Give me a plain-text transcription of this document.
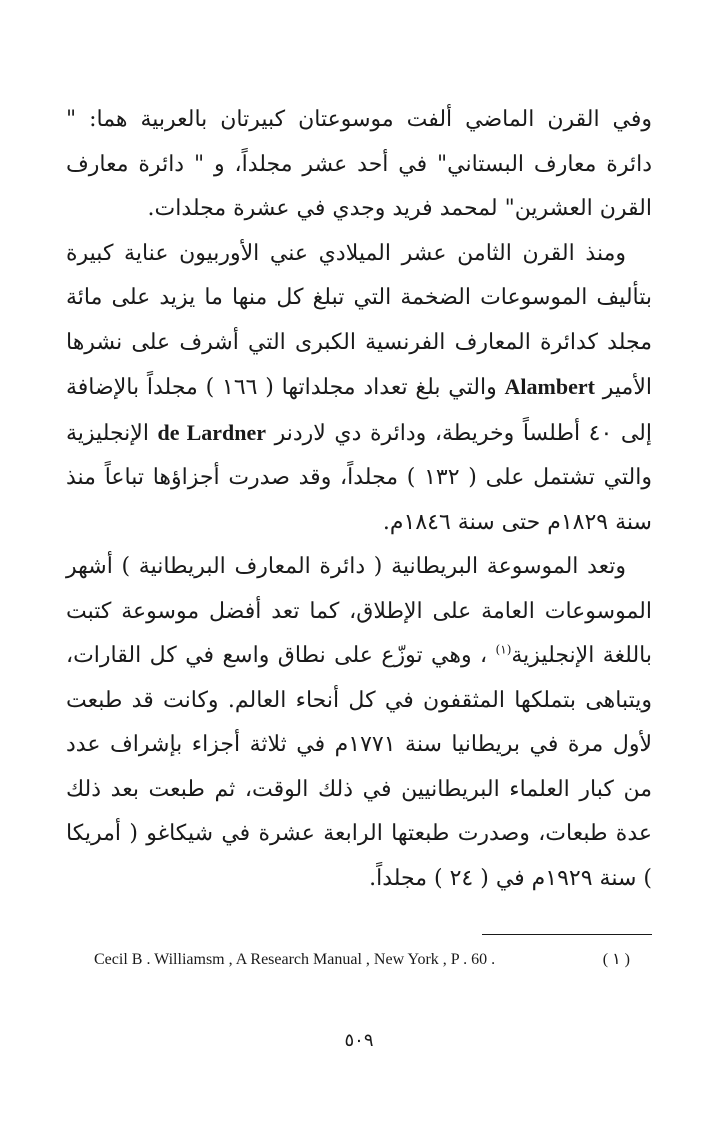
وفي القرن الماضي ألفت موسوعتان كبيرتان بالعربية هما: " دائرة معارف البستاني" في أحد عشر مجلداً، و " دائرة معارف القرن العشرين" لمحمد فريد وجدي في عشرة مجلدات.

ومنذ القرن الثامن عشر الميلادي عني الأوربيون عناية كبيرة بتأليف الموسوعات الضخمة التي تبلغ كل منها ما يزيد على مائة مجلد كدائرة المعارف الفرنسية الكبرى التي أشرف على نشرها الأمير Alambert والتي بلغ تعداد مجلداتها ( ١٦٦ ) مجلداً بالإضافة إلى ٤٠ أطلساً وخريطة، ودائرة دي لاردنر de Lardner الإنجليزية والتي تشتمل على ( ١٣٢ ) مجلداً، وقد صدرت أجزاؤها تباعاً منذ سنة ١٨٢٩م حتى سنة ١٨٤٦م.

وتعد الموسوعة البريطانية ( دائرة المعارف البريطانية ) أشهر الموسوعات العامة على الإطلاق، كما تعد أفضل موسوعة كتبت باللغة الإنجليزية$^{(١)}$ ، وهي توزّع على نطاق واسع في كل القارات، ويتباهى بتملكها المثقفون في كل أنحاء العالم. وكانت قد طبعت لأول مرة في بريطانيا سنة ١٧٧١م في ثلاثة أجزاء بإشراف عدد من كبار العلماء البريطانيين في ذلك الوقت، ثم طبعت بعد ذلك عدة طبعات، وصدرت طبعتها الرابعة عشرة في شيكاغو ( أمريكا ) سنة ١٩٢٩م في ( ٢٤ ) مجلداً.

Cecil B . Williamsm , A Research Manual , New York , P . 60 .	( ١ )
٥٠٩
